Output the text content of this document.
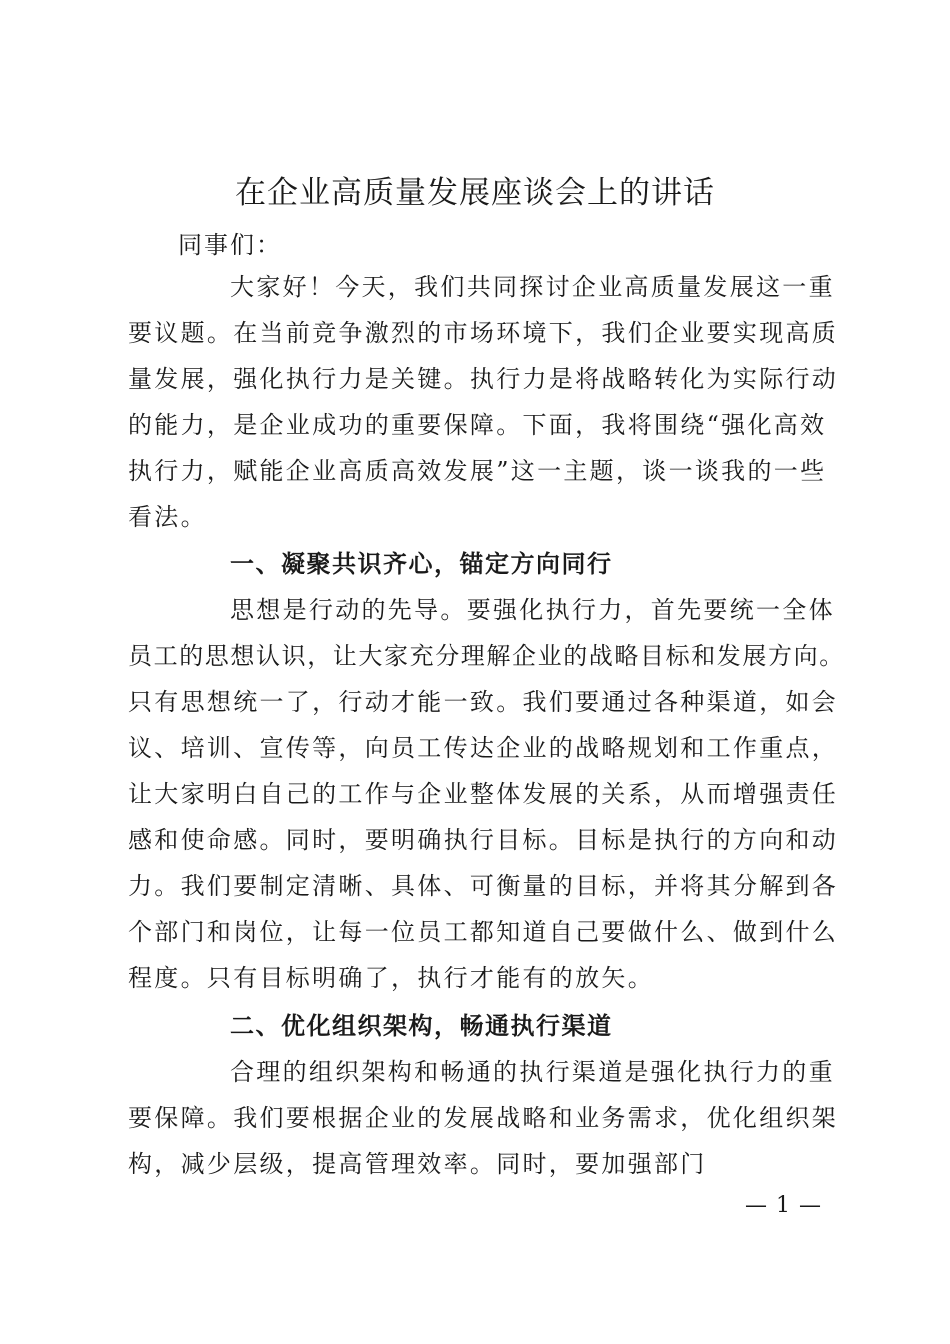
在企业高质量发展座谈会上的讲话
同事们：
大家好！今天，我们共同探讨企业高质量发展这一重
要议题。在当前竞争激烈的市场环境下，我们企业要实现高质
量发展，强化执行力是关键。执行力是将战略转化为实际行动
的能力，是企业成功的重要保障。下面，我将围绕“强化高效
执行力，赋能企业高质高效发展”这一主题，谈一谈我的一些
看法。
一、凝聚共识齐心，锚定方向同行
思想是行动的先导。要强化执行力，首先要统一全体
员工的思想认识，让大家充分理解企业的战略目标和发展方向。
只有思想统一了，行动才能一致。我们要通过各种渠道，如会
议、培训、宣传等，向员工传达企业的战略规划和工作重点，
让大家明白自己的工作与企业整体发展的关系，从而增强责任
感和使命感。同时，要明确执行目标。目标是执行的方向和动
力。我们要制定清晰、具体、可衡量的目标，并将其分解到各
个部门和岗位，让每一位员工都知道自己要做什么、做到什么
程度。只有目标明确了，执行才能有的放矢。
二、优化组织架构，畅通执行渠道
合理的组织架构和畅通的执行渠道是强化执行力的重
要保障。我们要根据企业的发展战略和业务需求，优化组织架
构，减少层级，提高管理效率。同时，要加强部门
— 1 —
